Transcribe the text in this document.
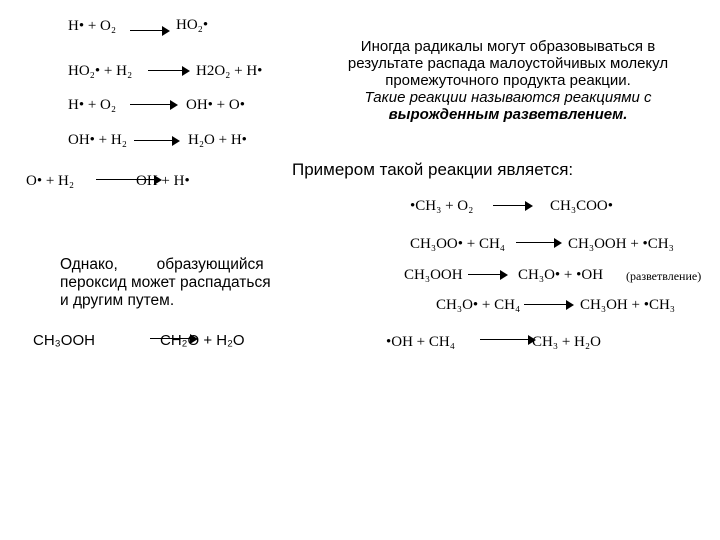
H• + O₂	HO₂•
HO₂• + H₂	H2O₂ + H•
H• + O₂	OH• + O•
OH• + H₂	H₂O + H•
O• + H₂	OH + H•
Иногда радикалы могут образовываться в
результате распада малоустойчивых молекул
промежуточного продукта реакции.
Такие реакции называются реакциями с
вырожденным разветвлением.
Примером такой реакции является:
•CH₃ + O₂	CH₃COO•
CH₃OO• + CH₄	CH₃OOH + •CH₃
CH₃OOH	CH₃O• + •OH (разветвление)
CH₃O• + CH₄	CH₃OH + •CH₃
•OH + CH₄	CH₃ + H₂O
Однако,         образующийся
пероксид может распадаться
и другим путем.
CH₃OOH	CH₂O + H₂O
